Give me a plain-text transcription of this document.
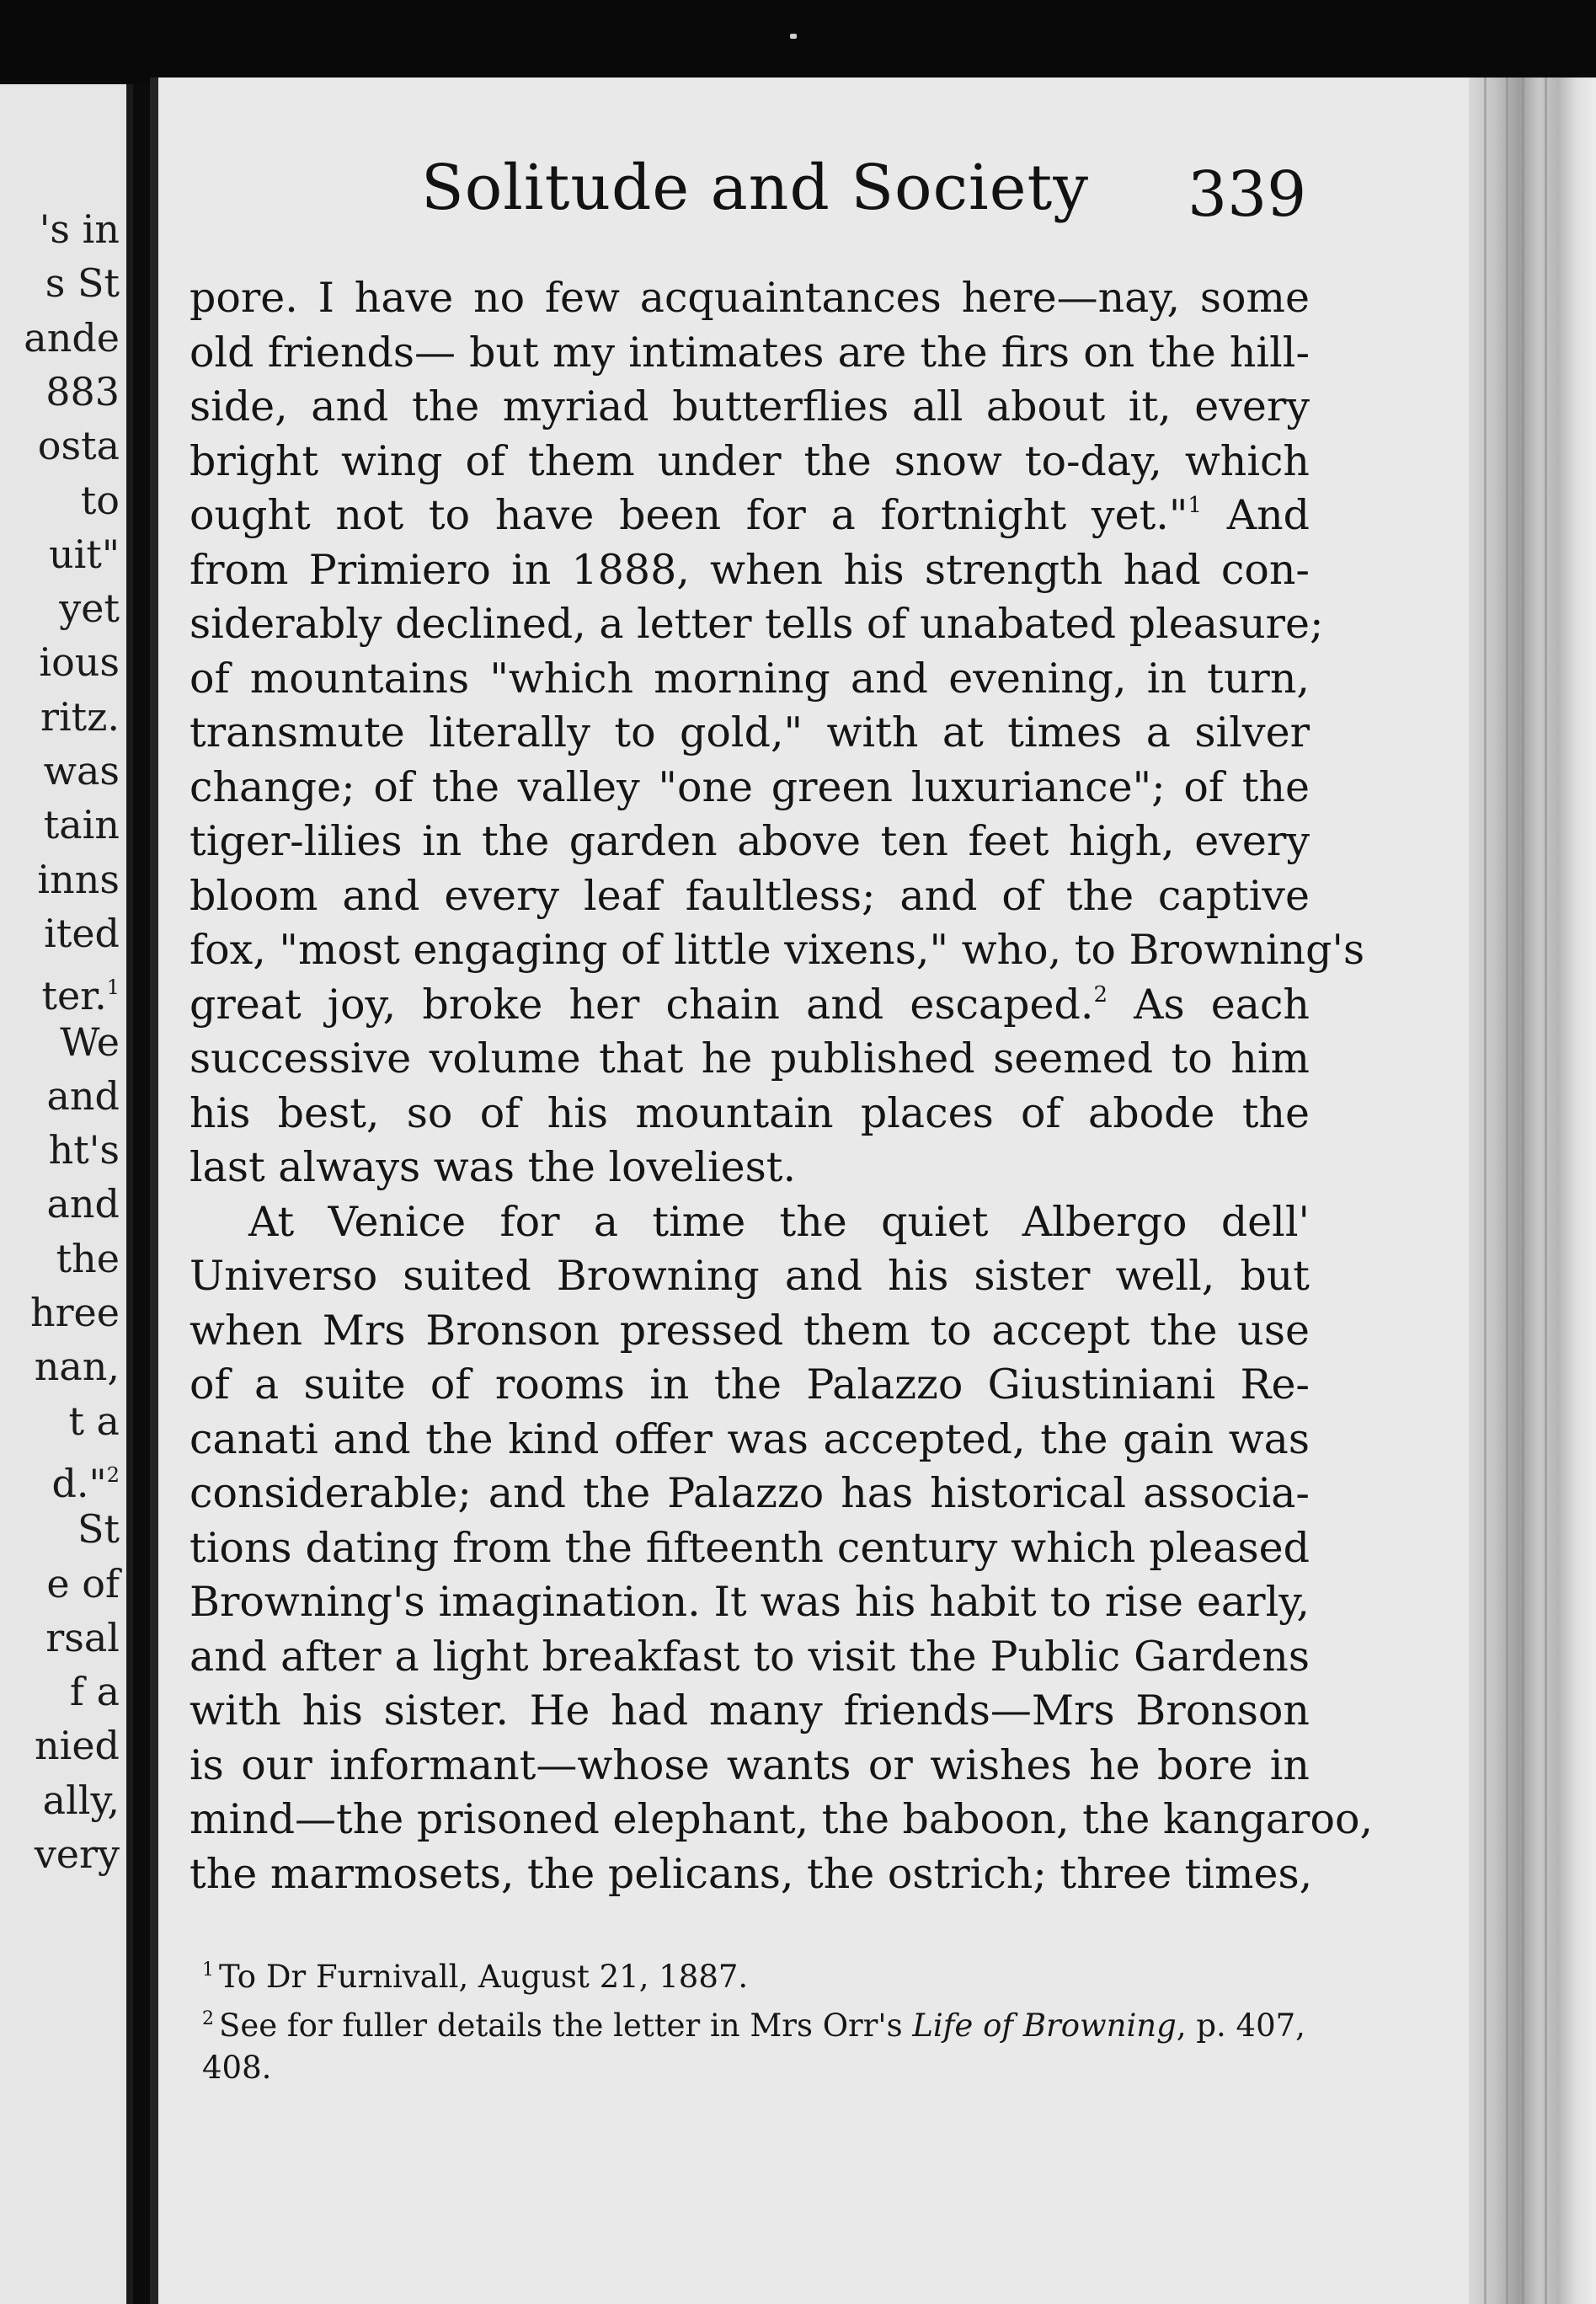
's in
s St
ande
883
osta
to
uit"
yet
ious
ritz.
was
tain
inns
ited
ter.$^1$
We
and
ht's
and
the
hree
nan,
t a
d."$^2$
St
e of
rsal
f a
nied
ally,
very
Solitude and Society 339
pore. I have no few acquaintances here—nay, some
old friends— but my intimates are the firs on the hill-
side, and the myriad butterflies all about it, every
bright wing of them under the snow to-day, which
ought not to have been for a fortnight yet."$^1$ And
from Primiero in 1888, when his strength had con-
siderably declined, a letter tells of unabated pleasure;
of mountains "which morning and evening, in turn,
transmute literally to gold," with at times a silver
change; of the valley "one green luxuriance"; of the
tiger-lilies in the garden above ten feet high, every
bloom and every leaf faultless; and of the captive
fox, "most engaging of little vixens," who, to Browning's
great joy, broke her chain and escaped.$^2$ As each
successive volume that he published seemed to him
his best, so of his mountain places of abode the
last always was the loveliest.
At Venice for a time the quiet Albergo dell'
Universo suited Browning and his sister well, but
when Mrs Bronson pressed them to accept the use
of a suite of rooms in the Palazzo Giustiniani Re-
canati and the kind offer was accepted, the gain was
considerable; and the Palazzo has historical associa-
tions dating from the fifteenth century which pleased
Browning's imagination. It was his habit to rise early,
and after a light breakfast to visit the Public Gardens
with his sister. He had many friends—Mrs Bronson
is our informant—whose wants or wishes he bore in
mind—the prisoned elephant, the baboon, the kangaroo,
the marmosets, the pelicans, the ostrich; three times,
$^1$ To Dr Furnivall, August 21, 1887.
$^2$ See for fuller details the letter in Mrs Orr's Life of Browning, p. 407,
408.
